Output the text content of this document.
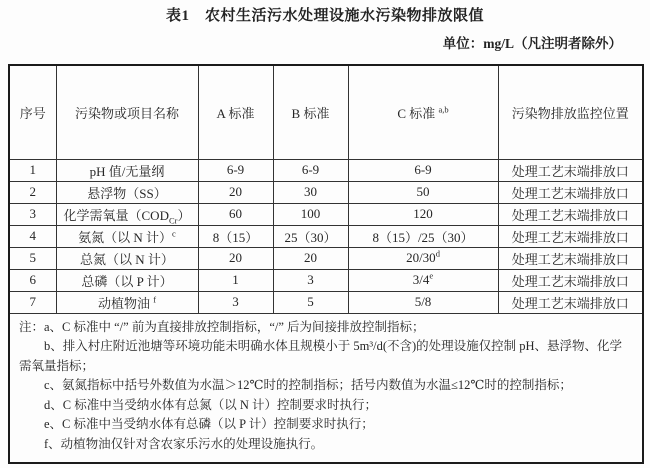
表1　农村生活污水处理设施水污染物排放限值
单位：mg/L（凡注明者除外）
序号	污染物或项目名称	A 标准	B 标准	C 标准 $^{a,b}$	污染物排放监控位置
1	pH 值/无量纲	6-9	6-9	6-9	处理工艺末端排放口
2	悬浮物（SS）	20	30	50	处理工艺末端排放口
3	化学需氧量$(COD_{Cr})$	60	100	120	处理工艺末端排放口
4	氨氮（以 N 计）$^c$	8（15）	25（30）	8（15）/25（30）	处理工艺末端排放口
5	总氮（以 N 计）	20	20	20/30$^d$	处理工艺末端排放口
6	总磷（以 P 计）	1	3	3/4e	处理工艺末端排放口
7	动植物油 $^f$	3	5	5/8	处理工艺末端排放口

注：a、C 标准中 “/” 前为直接排放控制指标，“/” 后为间接排放控制指标；

b、排入村庄附近池塘等环境功能未明确水体且规模小于 5m³/d(不含)的处理设施仅控制 pH、悬浮物、化学需氧量指标；

c、氨氮指标中括号外数值为水温＞12℃时的控制指标；括号内数值为水温≤12℃时的控制指标；

d、C 标准中当受纳水体有总氮（以 N 计）控制要求时执行；

e、C 标准中当受纳水体有总磷（以 P 计）控制要求时执行；

f、动植物油仅针对含农家乐污水的处理设施执行。
